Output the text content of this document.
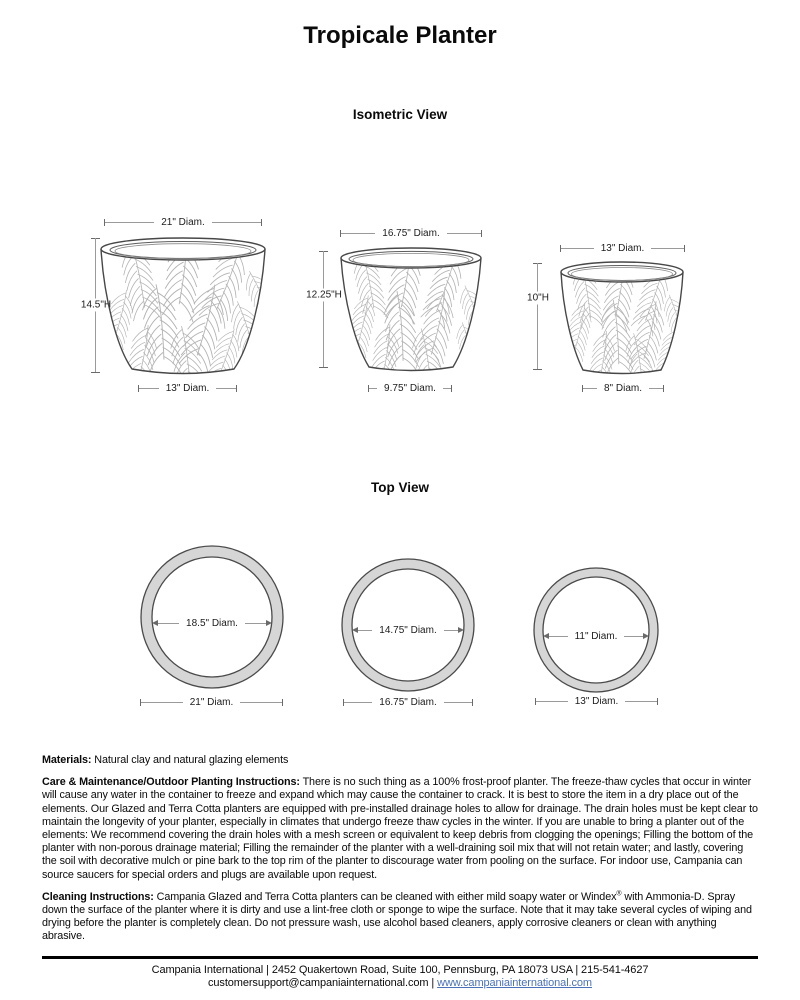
Tropicale Planter
Isometric View
21" Diam.
14.5"H
13" Diam.
16.75" Diam.
12.25"H
9.75" Diam.
13" Diam.
10"H
8" Diam.
Top View
18.5" Diam.
21" Diam.
14.75" Diam.
16.75" Diam.
11" Diam.
13" Diam.

Materials: Natural clay and natural glazing elements

Care & Maintenance/Outdoor Planting Instructions: There is no such thing as a 100% frost-proof planter. The freeze-thaw cycles that occur in winter will cause any water in the container to freeze and expand which may cause the container to crack. It is best to store the item in a dry place out of the elements. Our Glazed and Terra Cotta planters are equipped with pre-installed drainage holes to allow for drainage. The drain holes must be kept clear to maintain the longevity of your planter, especially in climates that undergo freeze thaw cycles in the winter. If you are unable to bring a planter out of the elements: We recommend covering the drain holes with a mesh screen or equivalent to keep debris from clogging the openings; Filling the bottom of the planter with non-porous drainage material; Filling the remainder of the planter with a well-draining soil mix that will not retain water; and lastly, covering the soil with decorative mulch or pine bark to the top rim of the planter to discourage water from pooling on the surface. For indoor use, Campania can source saucers for special orders and plugs are available upon request.

Cleaning Instructions: Campania Glazed and Terra Cotta planters can be cleaned with either mild soapy water or Windex® with Ammonia-D. Spray down the surface of the planter where it is dirty and use a lint-free cloth or sponge to wipe the surface. Note that it may take several cycles of wiping and drying before the planter is completely clean. Do not pressure wash, use alcohol based cleaners, apply corrosive cleaners or clean with anything abrasive.

Campania International | 2452 Quakertown Road, Suite 100, Pennsburg, PA 18073 USA | 215-541-4627
customersupport@campaniainternational.com | www.campaniainternational.com
